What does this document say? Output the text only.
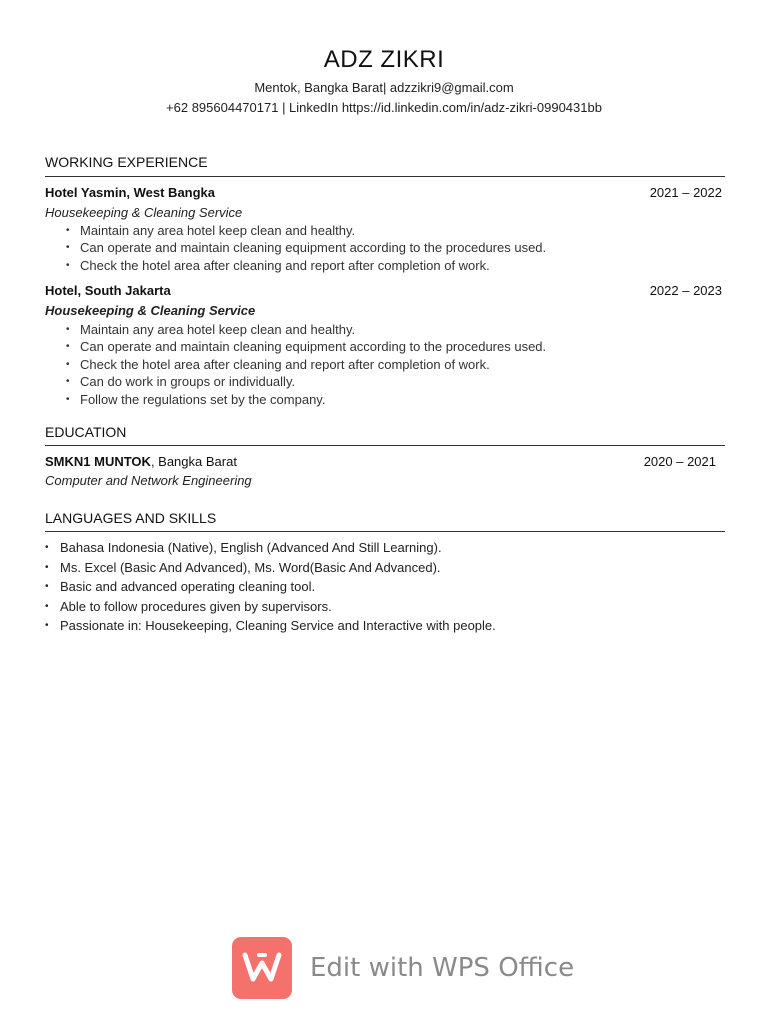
ADZ ZIKRI
Mentok, Bangka Barat| adzzikri9@gmail.com
+62 895604470171 | LinkedIn https://id.linkedin.com/in/adz-zikri-0990431bb
WORKING EXPERIENCE
Hotel Yasmin, West Bangka	2021 – 2022
Housekeeping & Cleaning Service
• Maintain any area hotel keep clean and healthy.
• Can operate and maintain cleaning equipment according to the procedures used.
• Check the hotel area after cleaning and report after completion of work.
Hotel, South Jakarta	2022 – 2023
Housekeeping & Cleaning Service
• Maintain any area hotel keep clean and healthy.
• Can operate and maintain cleaning equipment according to the procedures used.
• Check the hotel area after cleaning and report after completion of work.
• Can do work in groups or individually.
• Follow the regulations set by the company.
EDUCATION
SMKN1 MUNTOK, Bangka Barat	2020 – 2021
Computer and Network Engineering
LANGUAGES AND SKILLS
• Bahasa Indonesia (Native), English (Advanced And Still Learning).
• Ms. Excel (Basic And Advanced), Ms. Word(Basic And Advanced).
• Basic and advanced operating cleaning tool.
• Able to follow procedures given by supervisors.
• Passionate in: Housekeeping, Cleaning Service and Interactive with people.
Edit with WPS Office
